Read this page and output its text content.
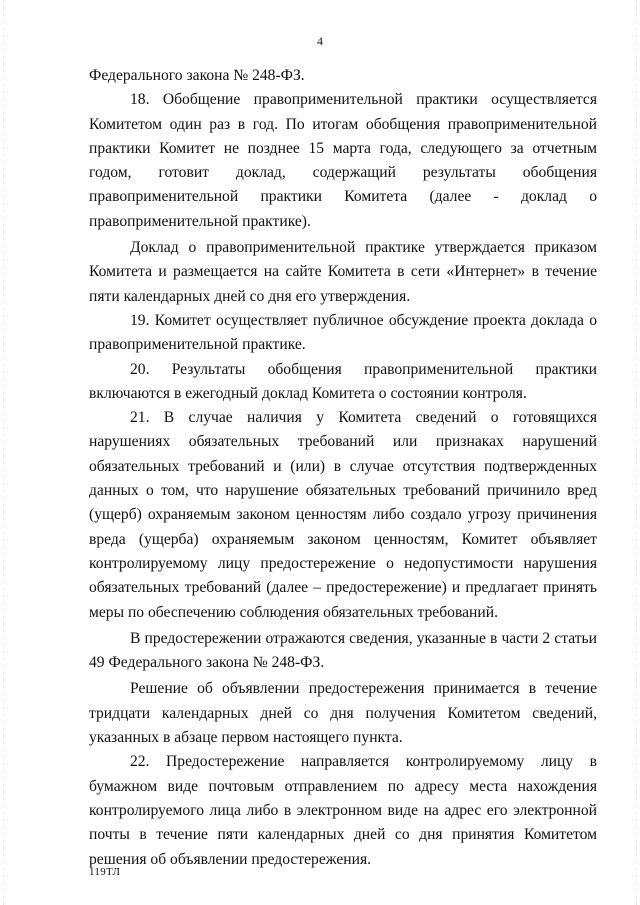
4

Федерального закона № 248-ФЗ.

18. Обобщение правоприменительной практики осуществляется Комитетом один раз в год. По итогам обобщения правоприменительной практики Комитет не позднее 15 марта года, следующего за отчетным годом, готовит доклад, содержащий результаты обобщения правоприменительной практики Комитета (далее - доклад о правоприменительной практике).

Доклад о правоприменительной практике утверждается приказом Комитета и размещается на сайте Комитета в сети «Интернет» в течение пяти календарных дней со дня его утверждения.

19. Комитет осуществляет публичное обсуждение проекта доклада о правоприменительной практике.

20. Результаты обобщения правоприменительной практики включаются в ежегодный доклад Комитета о состоянии контроля.

21. В случае наличия у Комитета сведений о готовящихся нарушениях обязательных требований или признаках нарушений обязательных требований и (или) в случае отсутствия подтвержденных данных о том, что нарушение обязательных требований причинило вред (ущерб) охраняемым законом ценностям либо создало угрозу причинения вреда (ущерба) охраняемым законом ценностям, Комитет объявляет контролируемому лицу предостережение о недопустимости нарушения обязательных требований (далее – предостережение) и предлагает принять меры по обеспечению соблюдения обязательных требований.

В предостережении отражаются сведения, указанные в части 2 статьи 49 Федерального закона № 248-ФЗ.

Решение об объявлении предостережения принимается в течение тридцати календарных дней со дня получения Комитетом сведений, указанных в абзаце первом настоящего пункта.

22. Предостережение направляется контролируемому лицу в бумажном виде почтовым отправлением по адресу места нахождения контролируемого лица либо в электронном виде на адрес его электронной почты в течение пяти календарных дней со дня принятия Комитетом решения об объявлении предостережения.

119ТЛ
